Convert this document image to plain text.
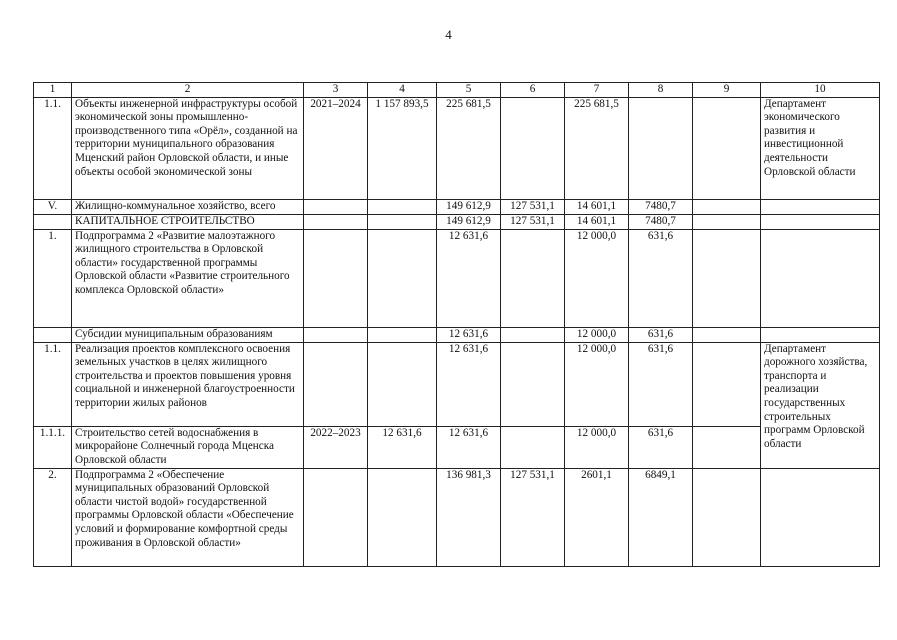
4
1	2	3	4	5	6	7	8	9	10
1.1.	Объекты инженерной инфраструктуры особой экономической зоны промышленно-производственного типа «Орёл», созданной на территории муниципального образования Мценский район Орловской области, и иные объекты особой экономической зоны	2021–2024	1 157 893,5	225 681,5		225 681,5			Департамент экономического развития и инвестиционной деятельности Орловской области
V.	Жилищно-коммунальное хозяйство, всего			149 612,9	127 531,1	14 601,1	7480,7		
	КАПИТАЛЬНОЕ СТРОИТЕЛЬСТВО			149 612,9	127 531,1	14 601,1	7480,7		
1.	Подпрограмма 2 «Развитие малоэтажного жилищного строительства в Орловской области» государственной программы Орловской области «Развитие строительного комплекса Орловской области»			12 631,6		12 000,0	631,6		
	Субсидии муниципальным образованиям			12 631,6		12 000,0	631,6		
1.1.	Реализация проектов комплексного освоения земельных участков в целях жилищного строительства и проектов повышения уровня социальной и инженерной благоустроенности территории жилых районов			12 631,6		12 000,0	631,6		Департамент дорожного хозяйства, транспорта и реализации государственных строительных программ Орловской области
1.1.1.	Строительство сетей водоснабжения в микрорайоне Солнечный города Мценска Орловской области	2022–2023	12 631,6	12 631,6		12 000,0	631,6		
2.	Подпрограмма 2 «Обеспечение муниципальных образований Орловской области чистой водой» государственной программы Орловской области «Обеспечение условий и формирование комфортной среды проживания в Орловской области»			136 981,3	127 531,1	2601,1	6849,1		
